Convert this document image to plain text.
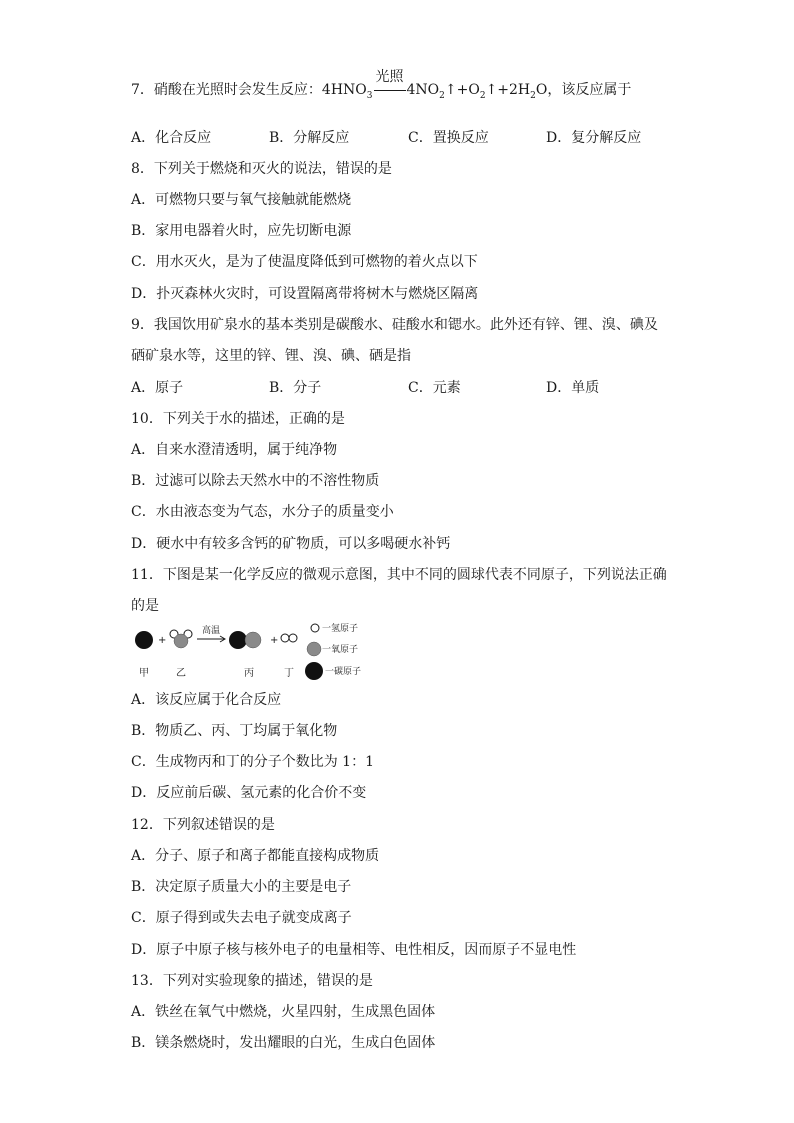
7．硝酸在光照时会发生反应：$4HNO_3$
光照
$4NO_2↑+O_2↑+2H_2O$，该反应属于
A．化合反应	B．分解反应	C．置换反应	D．复分解反应
8．下列关于燃烧和灭火的说法，错误的是
A．可燃物只要与氧气接触就能燃烧
B．家用电器着火时，应先切断电源
C．用水灭火，是为了使温度降低到可燃物的着火点以下
D．扑灭森林火灾时，可设置隔离带将树木与燃烧区隔离
9．我国饮用矿泉水的基本类别是碳酸水、硅酸水和锶水。此外还有锌、锂、溴、碘及
硒矿泉水等，这里的锌、锂、溴、碘、硒是指
A．原子	B．分子	C．元素	D．单质
10．下列关于水的描述，正确的是
A．自来水澄清透明，属于纯净物
B．过滤可以除去天然水中的不溶性物质
C．水由液态变为气态，水分子的质量变小
D．硬水中有较多含钙的矿物质，可以多喝硬水补钙
11．下图是某一化学反应的微观示意图，其中不同的圆球代表不同原子，下列说法正确
的是
+
高温
+
一氢原子
一氧原子
一碳原子
甲	乙	丙	丁
A．该反应属于化合反应
B．物质乙、丙、丁均属于氧化物
C．生成物丙和丁的分子个数比为 1：1
D．反应前后碳、氢元素的化合价不变
12．下列叙述错误的是
A．分子、原子和离子都能直接构成物质
B．决定原子质量大小的主要是电子
C．原子得到或失去电子就变成离子
D．原子中原子核与核外电子的电量相等、电性相反，因而原子不显电性
13．下列对实验现象的描述，错误的是
A．铁丝在氧气中燃烧，火星四射，生成黑色固体
B．镁条燃烧时，发出耀眼的白光，生成白色固体
